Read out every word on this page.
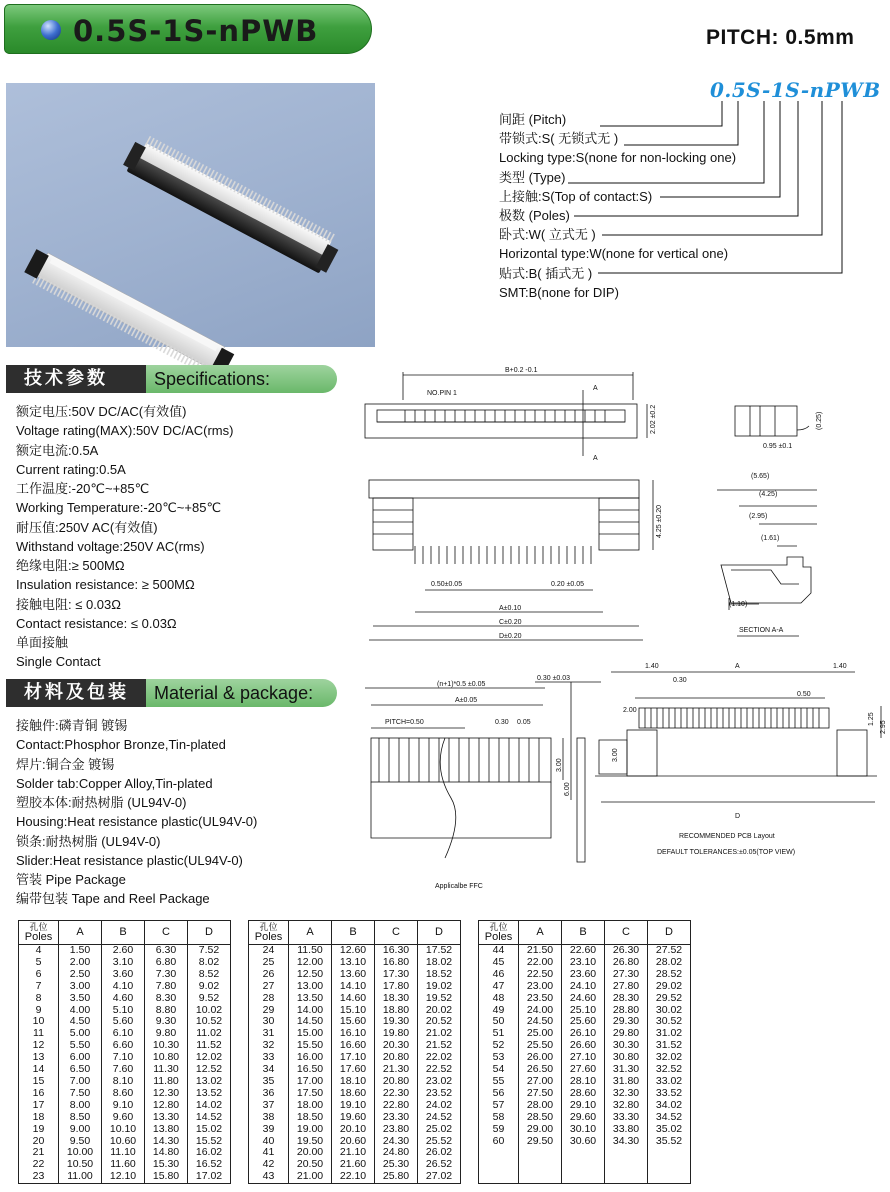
0.5S-1S-nPWB	PITCH: 0.5mm
0.5S-1S-nPWB
间距 (Pitch)
带锁式:S( 无锁式无 )
Locking type:S(none for non-locking one)
类型 (Type)
上接触:S(Top of contact:S)
极数 (Poles)
卧式:W( 立式无 )
Horizontal type:W(none for vertical one)
贴式:B( 插式无 )
SMT:B(none for DIP)
技术参数	Specifications:
额定电压:50V DC/AC(有效值)
Voltage rating(MAX):50V DC/AC(rms)
额定电流:0.5A
Current rating:0.5A
工作温度:-20℃~+85℃
Working Temperature:-20℃~+85℃
耐压值:250V AC(有效值)
Withstand voltage:250V AC(rms)
绝缘电阻:≥ 500MΩ
Insulation resistance: ≥ 500MΩ
接触电阻: ≤ 0.03Ω
Contact resistance: ≤ 0.03Ω
单面接触
Single Contact
材料及包装	Material & package:
接触件:磷青铜 镀锡
Contact:Phosphor Bronze,Tin-plated
焊片:铜合金 镀锡
Solder tab:Copper Alloy,Tin-plated
塑胶本体:耐热树脂 (UL94V-0)
Housing:Heat resistance plastic(UL94V-0)
锁条:耐热树脂 (UL94V-0)
Slider:Heat resistance plastic(UL94V-0)
管装 Pipe Package
编带包装 Tape and Reel Package
B+0.2 -0.1
NO.PIN 1
A
A
2.02 ±0.2
0.95 ±0.1
(0.25)
4.25 ±0.20
0.50±0.05	0.20 ±0.05
A±0.10
C±0.20
D±0.20
(5.65)
(4.25)
(2.95)
(1.61)
(1.10)
SECTION A-A
(n+1)*0.5 ±0.05
A±0.05
PITCH=0.50	0.30 0.05
0.30 ±0.03
3.00
6.00
Applicalbe FFC
1.40	A	1.40
0.30
0.50
2.00
1.25
2.95
3.00
D
RECOMMENDED PCB Layout
DEFAULT TOLERANCES:±0.05(TOP VIEW)
孔位
Poles	A	B	C	D
4	1.50	2.60	6.30	7.52
5	2.00	3.10	6.80	8.02
6	2.50	3.60	7.30	8.52
7	3.00	4.10	7.80	9.02
8	3.50	4.60	8.30	9.52
9	4.00	5.10	8.80	10.02
10	4.50	5.60	9.30	10.52
11	5.00	6.10	9.80	11.02
12	5.50	6.60	10.30	11.52
13	6.00	7.10	10.80	12.02
14	6.50	7.60	11.30	12.52
15	7.00	8.10	11.80	13.02
16	7.50	8.60	12.30	13.52
17	8.00	9.10	12.80	14.02
18	8.50	9.60	13.30	14.52
19	9.00	10.10	13.80	15.02
20	9.50	10.60	14.30	15.52
21	10.00	11.10	14.80	16.02
22	10.50	11.60	15.30	16.52
23	11.00	12.10	15.80	17.02
孔位
Poles	A	B	C	D
24	11.50	12.60	16.30	17.52
25	12.00	13.10	16.80	18.02
26	12.50	13.60	17.30	18.52
27	13.00	14.10	17.80	19.02
28	13.50	14.60	18.30	19.52
29	14.00	15.10	18.80	20.02
30	14.50	15.60	19.30	20.52
31	15.00	16.10	19.80	21.02
32	15.50	16.60	20.30	21.52
33	16.00	17.10	20.80	22.02
34	16.50	17.60	21.30	22.52
35	17.00	18.10	20.80	23.02
36	17.50	18.60	22.30	23.52
37	18.00	19.10	22.80	24.02
38	18.50	19.60	23.30	24.52
39	19.00	20.10	23.80	25.02
40	19.50	20.60	24.30	25.52
41	20.00	21.10	24.80	26.02
42	20.50	21.60	25.30	26.52
43	21.00	22.10	25.80	27.02
孔位
Poles	A	B	C	D
44	21.50	22.60	26.30	27.52
45	22.00	23.10	26.80	28.02
46	22.50	23.60	27.30	28.52
47	23.00	24.10	27.80	29.02
48	23.50	24.60	28.30	29.52
49	24.00	25.10	28.80	30.02
50	24.50	25.60	29.30	30.52
51	25.00	26.10	29.80	31.02
52	25.50	26.60	30.30	31.52
53	26.00	27.10	30.80	32.02
54	26.50	27.60	31.30	32.52
55	27.00	28.10	31.80	33.02
56	27.50	28.60	32.30	33.52
57	28.00	29.10	32.80	34.02
58	28.50	29.60	33.30	34.52
59	29.00	30.10	33.80	35.02
60	29.50	30.60	34.30	35.52
